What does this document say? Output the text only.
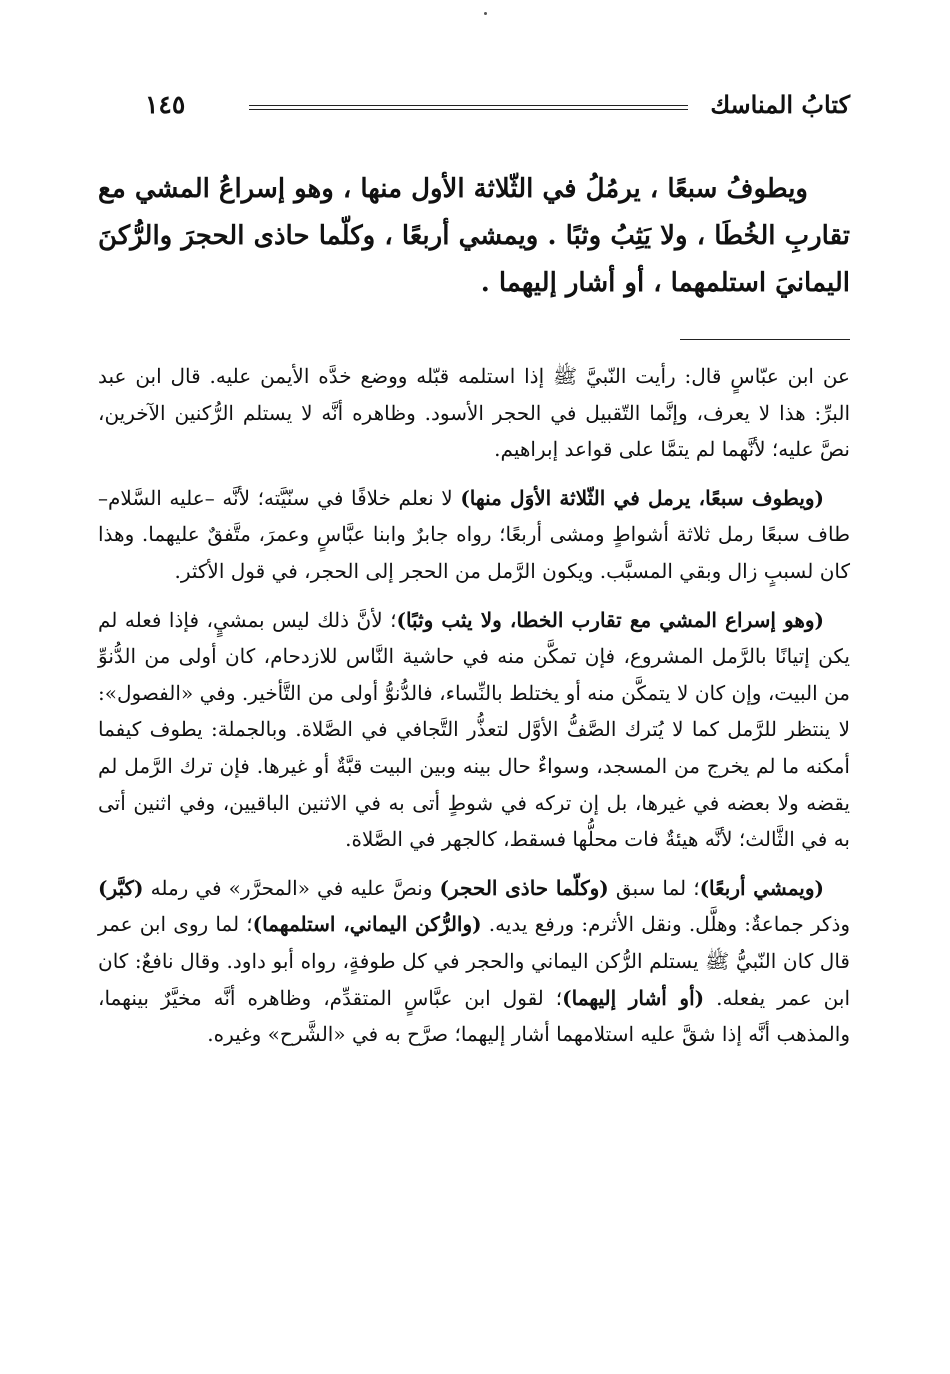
١٤٥	كتابُ المناسك

ويطوفُ سبعًا ، يرمُلُ في الثّلاثة الأول منها ، وهو إسراعُ المشي مع تقاربِ الخُطَا ، ولا يَثِبُ وثبًا . ويمشي أربعًا ، وكلّما حاذى الحجرَ والرُّكنَ اليمانيَ استلمهما ، أو أشار إليهما .

عن ابن عبّاسٍ قال: رأيت النّبيَّ ﷺ إذا استلمه قبّله ووضع خدَّه الأيمن عليه. قال ابن عبد البرِّ: هذا لا يعرف، وإنَّما التّقبيل في الحجر الأسود. وظاهره أنَّه لا يستلم الرُّكنين الآخرين، نصَّ عليه؛ لأنَّهما لم يتمَّا على قواعد إبراهيم.

(ويطوف سبعًا، يرمل في الثّلاثة الأوَل منها) لا نعلم خلافًا في سنّيَّته؛ لأنَّه –عليه السَّلام– طاف سبعًا رمل ثلاثة أشواطٍ ومشى أربعًا؛ رواه جابرٌ وابنا عبَّاسٍ وعمرَ، متَّفقٌ عليهما. وهذا كان لسببٍ زال وبقي المسبَّب. ويكون الرَّمل من الحجر إلى الحجر، في قول الأكثر.

(وهو إسراع المشي مع تقارب الخطا، ولا يثب وثبًا)؛ لأنَّ ذلك ليس بمشيٍ، فإذا فعله لم يكن إتيانًا بالرَّمل المشروع، فإن تمكَّن منه في حاشية النَّاس للازدحام، كان أولى من الدُّنوِّ من البيت، وإن كان لا يتمكَّن منه أو يختلط بالنِّساء، فالدُّنوُّ أولى من التَّأخير. وفي «الفصول»: لا ينتظر للرَّمل كما لا يُترك الصَّفُّ الأوَّل لتعذُّر التَّجافي في الصَّلاة. وبالجملة: يطوف كيفما أمكنه ما لم يخرج من المسجد، وسواءٌ حال بينه وبين البيت قبَّةٌ أو غيرها. فإن ترك الرَّمل لم يقضه ولا بعضه في غيرها، بل إن تركه في شوطٍ أتى به في الاثنين الباقيين، وفي اثنين أتى به في الثَّالث؛ لأنَّه هيئةٌ فات محلُّها فسقط، كالجهر في الصَّلاة.

(ويمشي أربعًا)؛ لما سبق (وكلّما حاذى الحجر) ونصَّ عليه في «المحرَّر» في رمله (كبَّر) وذكر جماعةٌ: وهلَّل. ونقل الأثرم: ورفع يديه. (والرُّكن اليماني، استلمهما)؛ لما روى ابن عمر قال كان النّبيُّ ﷺ يستلم الرُّكن اليماني والحجر في كل طوفةٍ، رواه أبو داود. وقال نافعٌ: كان ابن عمر يفعله. (أو أشار إليهما)؛ لقول ابن عبَّاسٍ المتقدِّم، وظاهره أنَّه مخيَّرٌ بينهما، والمذهب أنَّه إذا شقَّ عليه استلامهما أشار إليهما؛ صرَّح به في «الشَّرح» وغيره.
